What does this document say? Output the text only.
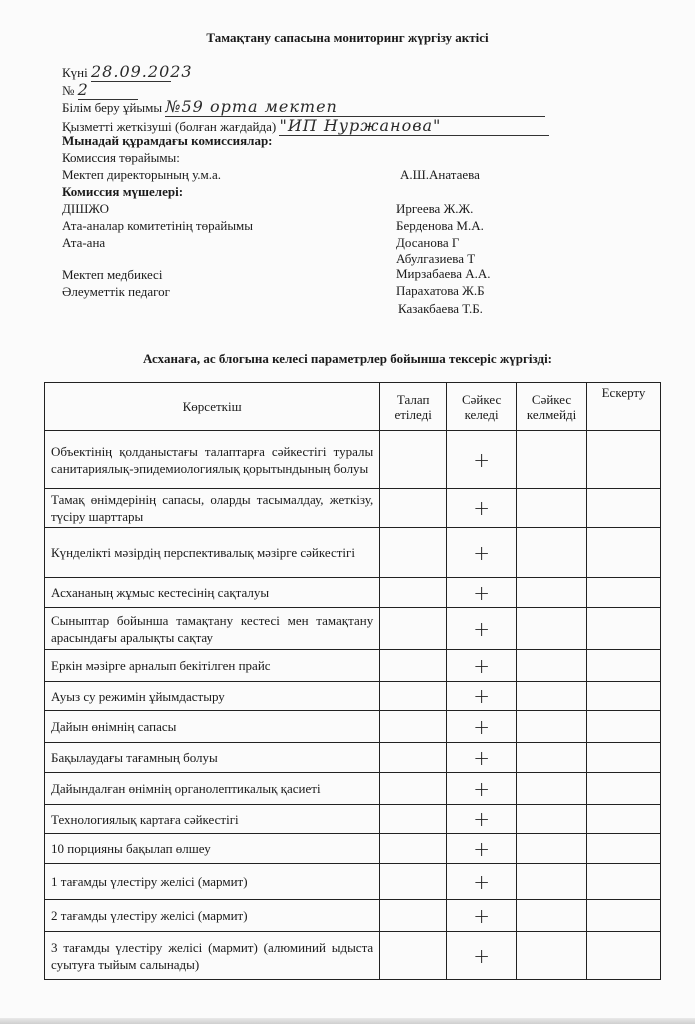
Тамақтану сапасына мониторинг жүргізу актісі
Күні 28.09.2023
№ 2
Білім беру ұйымы №59 орта мектеп
Қызметті жеткізуші (болған жағдайда) "ИП Нуржанова"
Мынадай құрамдағы комиссиялар:
Комиссия төрайымы:
Мектеп директорының у.м.а.	А.Ш.Анатаева
Комиссия мүшелері:
ДІШЖО	Иргеева Ж.Ж.
Ата-аналар комитетінің төрайымы	Берденова М.А.
Ата-ана	Досанова Г
Абулгазиева Т
Мектеп медбикесі	Мирзабаева А.А.
Әлеуметтік педагог	Парахатова Ж.Б
Казакбаева Т.Б.
Асханаға, ас блогына келесі параметрлер бойынша тексеріс жүргізді:
Көрсеткіш	Талап етіледі	Сәйкес келеді	Сәйкес келмейді	Ескерту
Объектінің қолданыстағы талаптарға сәйкестігі туралы санитариялық-эпидемиологиялық қорытындының болуы		+		
Тамақ өнімдерінің сапасы, оларды тасымалдау, жеткізу, түсіру шарттары		+		
Күнделікті мәзірдің перспективалық мәзірге сәйкестігі		+		
Асхананың жұмыс кестесінің сақталуы		+		
Сыныптар бойынша тамақтану кестесі мен тамақтану арасындағы аралықты сақтау		+		
Еркін мәзірге арналып бекітілген прайс		+		
Ауыз су режимін ұйымдастыру		+		
Дайын өнімнің сапасы		+		
Бақылаудағы тағамның болуы		+		
Дайындалған өнімнің органолептикалық қасиеті		+		
Технологиялық картаға сәйкестігі		+		
10 порцияны бақылап өлшеу		+		
1 тағамды үлестіру желісі (мармит)		+		
2 тағамды үлестіру желісі (мармит)		+		
3 тағамды үлестіру желісі (мармит) (алюминий ыдыста суытуға тыйым салынады)		+		
